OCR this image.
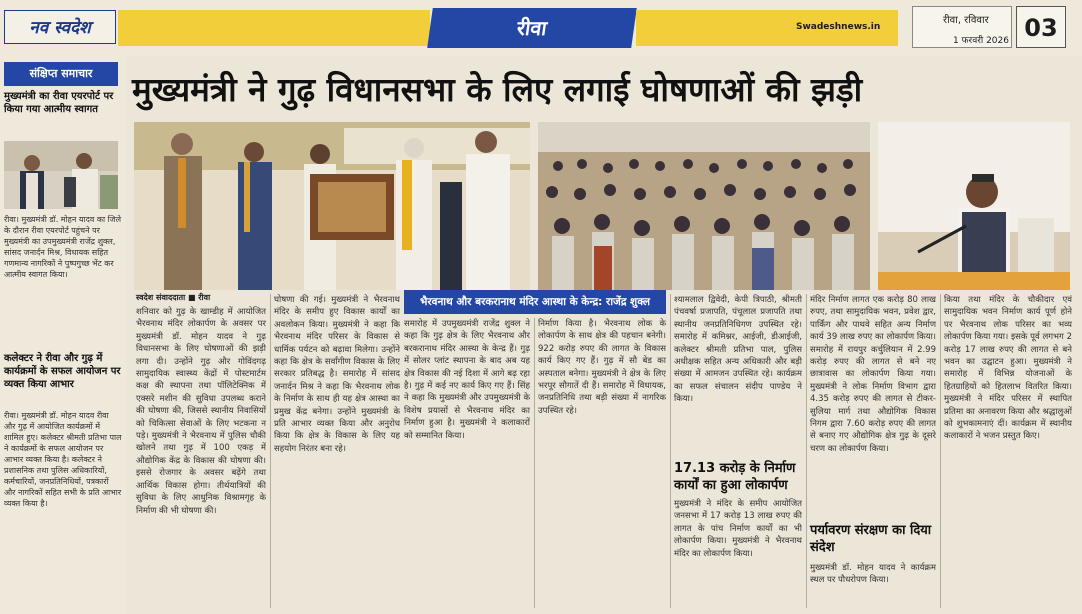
नव स्वदेश	रीवा	Swadeshnews.in
रीवा, रविवार
1 फरवरी 2026 03
संक्षिप्त समाचार
मुख्यमंत्री का रीवा एयरपोर्ट पर किया गया आत्मीय स्वागत
रीवा। मुख्यमंत्री डॉ. मोहन यादव का जिले के दौरान रीवा एयरपोर्ट पहुंचने पर मुख्यमंत्री का उपमुख्यमंत्री राजेंद्र शुक्ल, सांसद जनार्दन मिश्र, विधायक सहित गणमान्य नागरिकों ने पुष्पगुच्छ भेंट कर आत्मीय स्वागत किया।
कलेक्टर ने रीवा और गुढ़ में कार्यक्रमों के सफल आयोजन पर व्यक्त किया आभार
रीवा। मुख्यमंत्री डॉ. मोहन यादव रीवा और गुढ़ में आयोजित कार्यक्रमों में शामिल हुए। कलेक्टर श्रीमती प्रतिभा पाल ने कार्यक्रमों के सफल आयोजन पर आभार व्यक्त किया है। कलेक्टर ने प्रशासनिक तथा पुलिस अधिकारियों, कर्मचारियों, जनप्रतिनिधियों, पत्रकारों और नागरिकों सहित सभी के प्रति आभार व्यक्त किया है।
मुख्यमंत्री ने गुढ़ विधानसभा के लिए लगाई घोषणाओं की झड़ी
स्वदेश संवाददाता ■ रीवा
शनिवार को गुढ़ के खाम्डीह में आयोजित भैरवनाथ मंदिर लोकार्पण के अवसर पर मुख्यमंत्री डॉ. मोहन यादव ने गुढ़ विधानसभा के लिए घोषणाओं की झड़ी लगा दी। उन्होंने गुढ़ और गोविंदगढ़ सामुदायिक स्वास्थ्य केंद्रों में पोस्टमार्टम कक्ष की स्थापना तथा पॉलिटेक्निक में एक्सरे मशीन की सुविधा उपलब्ध कराने की घोषणा की, जिससे स्थानीय निवासियों को चिकित्सा सेवाओं के लिए भटकना न पड़े। मुख्यमंत्री ने भैरवनाथ में पुलिस चौकी खोलने तथा गुढ़ में 100 एकड़ में औद्योगिक केंद्र के विकास की घोषणा की। इससे रोजगार के अवसर बढ़ेंगे तथा आर्थिक विकास होगा। तीर्थयात्रियों की सुविधा के लिए आधुनिक विश्रामगृह के निर्माण की भी घोषणा की।
घोषणा की गई। मुख्यमंत्री ने भैरवनाथ मंदिर के समीप हुए विकास कार्यों का अवलोकन किया। मुख्यमंत्री ने कहा कि भैरवनाथ मंदिर परिसर के विकास से धार्मिक पर्यटन को बढ़ावा मिलेगा। उन्होंने कहा कि क्षेत्र के सर्वांगीण विकास के लिए सरकार प्रतिबद्ध है। समारोह में सांसद जनार्दन मिश्र ने कहा कि भैरवनाथ लोक के निर्माण के साथ ही यह क्षेत्र आस्था का प्रमुख केंद्र बनेगा। उन्होंने मुख्यमंत्री के प्रति आभार व्यक्त किया और अनुरोध किया कि क्षेत्र के विकास के लिए यह सहयोग निरंतर बना रहे।
भैरवनाथ और बरकरानाथ मंदिर आस्था के केन्द्र: राजेंद्र शुक्ल
समारोह में उपमुख्यमंत्री राजेंद्र शुक्ल ने कहा कि गुढ़ क्षेत्र के लिए भैरवनाथ और बरकरानाथ मंदिर आस्था के केन्द्र हैं। गुढ़ में सोलर प्लांट स्थापना के बाद अब यह क्षेत्र विकास की नई दिशा में आगे बढ़ रहा है। गुढ़ में कई नए कार्य किए गए हैं। सिंह ने कहा कि मुख्यमंत्री और उपमुख्यमंत्री के विशेष प्रयासों से भैरवनाथ मंदिर का निर्माण हुआ है। मुख्यमंत्री ने कलाकारों को सम्मानित किया।
निर्माण किया है। भैरवनाथ लोक के लोकार्पण के साथ क्षेत्र की पहचान बनेगी। 922 करोड़ रुपए की लागत के विकास कार्य किए गए हैं। गुढ़ में सौ बेड का अस्पताल बनेगा। मुख्यमंत्री ने क्षेत्र के लिए भरपूर सौगातें दी हैं। समारोह में विधायक, जनप्रतिनिधि तथा बड़ी संख्या में नागरिक उपस्थित रहे।
श्यामलाल द्विवेदी, केपी त्रिपाठी, श्रीमती पंचवर्षा प्रजापति, पंचूलाल प्रजापति तथा स्थानीय जनप्रतिनिधिगण उपस्थित रहे। समारोह में कमिश्नर, आईजी, डीआईजी, कलेक्टर श्रीमती प्रतिभा पाल, पुलिस अधीक्षक सहित अन्य अधिकारी और बड़ी संख्या में आमजन उपस्थित रहे। कार्यक्रम का सफल संचालन संदीप पाण्डेय ने किया।
17.13 करोड़ के निर्माण कार्यों का हुआ लोकार्पण
मुख्यमंत्री ने मंदिर के समीप आयोजित जनसभा में 17 करोड़ 13 लाख रुपए की लागत के पांच निर्माण कार्यों का भी लोकार्पण किया। मुख्यमंत्री ने भैरवनाथ मंदिर का लोकार्पण किया।
मंदिर निर्माण लागत एक करोड़ 80 लाख रुपए, तथा सामुदायिक भवन, प्रवेश द्वार, पार्किंग और पाथवे सहित अन्य निर्माण कार्य 39 लाख रुपए का लोकार्पण किया। समारोह में रायपुर कर्चुलियान में 2.99 करोड़ रुपए की लागत से बने नए छात्रावास का लोकार्पण किया गया। मुख्यमंत्री ने लोक निर्माण विभाग द्वारा 4.35 करोड़ रुपए की लागत से टीकर-सुलिया मार्ग तथा औद्योगिक विकास निगम द्वारा 7.60 करोड़ रुपए की लागत से बनाए गए औद्योगिक क्षेत्र गुढ़ के दूसरे चरण का लोकार्पण किया।
पर्यावरण संरक्षण का दिया संदेश
मुख्यमंत्री डॉ. मोहन यादव ने कार्यक्रम स्थल पर पौधरोपण किया।
किया तथा मंदिर के चौकीदार एवं सामुदायिक भवन निर्माण कार्य पूर्ण होने पर भैरवनाथ लोक परिसर का भव्य लोकार्पण किया गया। इसके पूर्व लगभग 2 करोड़ 17 लाख रुपए की लागत से बने भवन का उद्घाटन हुआ। मुख्यमंत्री ने समारोह में विभिन्न योजनाओं के हितग्राहियों को हितलाभ वितरित किया। मुख्यमंत्री ने मंदिर परिसर में स्थापित प्रतिमा का अनावरण किया और श्रद्धालुओं को शुभकामनाएं दीं। कार्यक्रम में स्थानीय कलाकारों ने भजन प्रस्तुत किए।
